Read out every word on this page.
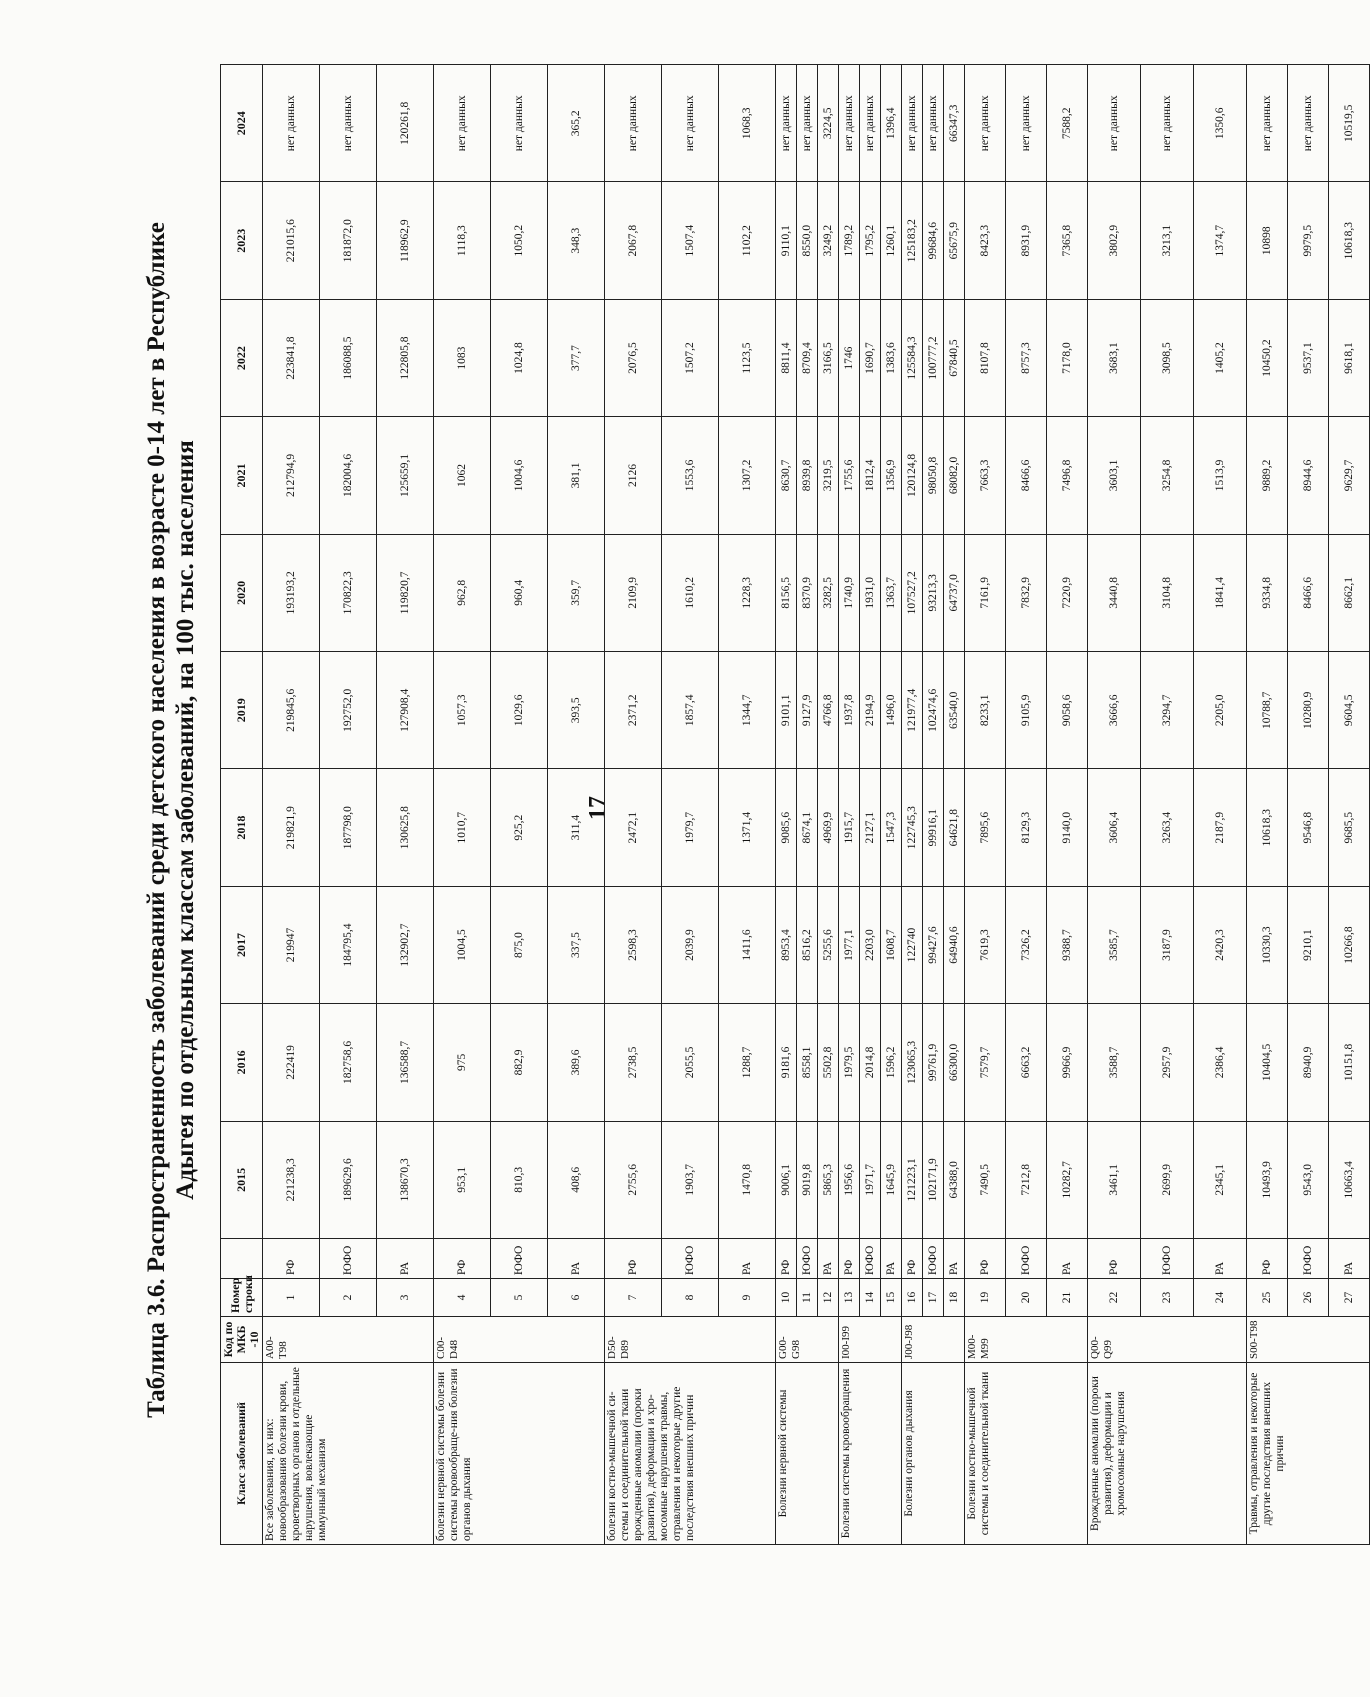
17
Таблица 3.6. Распространенность заболеваний среди детского населения в возрасте 0-14 лет в Республике Адыгея по отдельным классам заболеваний, на 100 тыс. населения
Класс заболеваний	Код по МКБ -10	Номер строки		2015	2016	2017	2018	2019	2020	2021	2022	2023	2024
Все заболевания, их них: новообразования болезни крови, кроветворных органов и отдельные нарушения, вовлекающие иммунный механизм	A00-T98	1	РФ	221238,3	222419	219947	219821,9	219845,6	193193,2	212794,9	223841,8	221015,6	нет данных
		2	ЮФО	189629,6	182758,6	184795,4	187798,0	192752,0	170822,3	182004,6	186088,5	181872,0	нет данных
		3	РА	138670,3	136588,7	132902,7	130625,8	127908,4	119820,7	125659,1	122805,8	118962,9	120261,8
болезни нервной системы болезни системы кровообраще-ния болезни органов дыхания	C00-D48	4	РФ	953,1	975	1004,5	1010,7	1057,3	962,8	1062	1083	1118,3	нет данных
		5	ЮФО	810,3	882,9	875,0	925,2	1029,6	960,4	1004,6	1024,8	1050,2	нет данных
		6	РА	408,6	389,6	337,5	311,4	393,5	359,7	381,1	377,7	348,3	365,2
болезни костно-мышечной си-стемы и соединительной ткани врожденные аномалии (пороки развития), деформации и хро-мосомные нарушения травмы, отравления и некоторые другие последствия внешних причин	D50-D89	7	РФ	2755,6	2738,5	2598,3	2472,1	2371,2	2109,9	2126	2076,5	2067,8	нет данных
		8	ЮФО	1903,7	2055,5	2039,9	1979,7	1857,4	1610,2	1553,6	1507,2	1507,4	нет данных
		9	РА	1470,8	1288,7	1411,6	1371,4	1344,7	1228,3	1307,2	1123,5	1102,2	1068,3
Болезни нервной системы	G00-G98	10	РФ	9006,1	9181,6	8953,4	9085,6	9101,1	8156,5	8630,7	8811,4	9110,1	нет данных
		11	ЮФО	9019,8	8558,1	8516,2	8674,1	9127,9	8370,9	8939,8	8709,4	8550,0	нет данных
		12	РА	5865,3	5502,8	5255,6	4969,9	4766,8	3282,5	3219,5	3166,5	3249,2	3224,5
Болезни системы кровообращения	I00-I99	13	РФ	1956,6	1979,5	1977,1	1915,7	1937,8	1740,9	1755,6	1746	1789,2	нет данных
		14	ЮФО	1971,7	2014,8	2203,0	2127,1	2194,9	1931,0	1812,4	1690,7	1795,2	нет данных
		15	РА	1645,9	1596,2	1608,7	1547,3	1496,0	1363,7	1356,9	1383,6	1260,1	1396,4
Болезни органов дыхания	J00-J98	16	РФ	121223,1	123065,3	122740	122745,3	121977,4	107527,2	120124,8	125584,3	125183,2	нет данных
		17	ЮФО	102171,9	99761,9	99427,6	99916,1	102474,6	93213,3	98050,8	100777,2	99684,6	нет данных
		18	РА	64388,0	66300,0	64940,6	64621,8	63540,0	64737,0	68082,0	67840,5	65675,9	66347,3
Болезни костно-мышечной системы и соединительной ткани	M00-M99	19	РФ	7490,5	7579,7	7619,3	7895,6	8233,1	7161,9	7663,3	8107,8	8423,3	нет данных
		20	ЮФО	7212,8	6663,2	7326,2	8129,3	9105,9	7832,9	8466,6	8757,3	8931,9	нет данных
		21	РА	10282,7	9966,9	9388,7	9140,0	9058,6	7220,9	7496,8	7178,0	7365,8	7588,2
Врожденные аномалии (пороки развития), деформации и хромосомные нарушения	Q00-Q99	22	РФ	3461,1	3588,7	3585,7	3606,4	3666,6	3440,8	3603,1	3683,1	3802,9	нет данных
		23	ЮФО	2699,9	2957,9	3187,9	3263,4	3294,7	3104,8	3254,8	3098,5	3213,1	нет данных
		24	РА	2345,1	2386,4	2420,3	2187,9	2205,0	1841,4	1513,9	1405,2	1374,7	1350,6
Травмы, отравления и некоторые другие последствия внешних причин	S00-T98	25	РФ	10493,9	10404,5	10330,3	10618,3	10788,7	9334,8	9889,2	10450,2	10898	нет данных
		26	ЮФО	9543,0	8940,9	9210,1	9546,8	10280,9	8466,6	8944,6	9537,1	9979,5	нет данных
		27	РА	10663,4	10151,8	10266,8	9685,5	9604,5	8662,1	9629,7	9618,1	10618,3	10519,5
